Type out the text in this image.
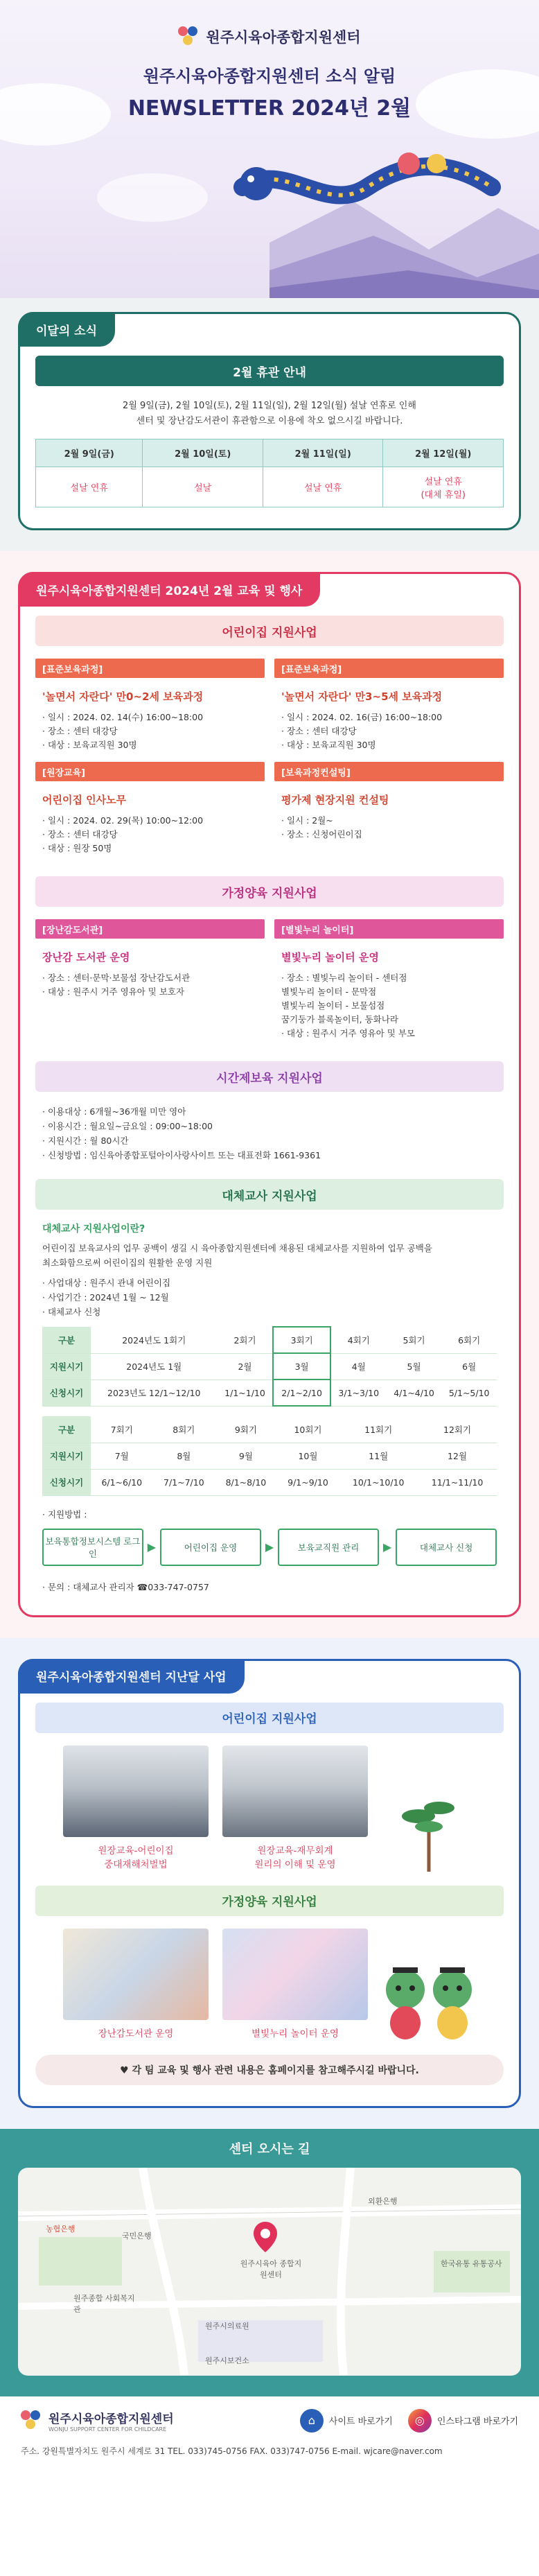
원주시육아종합지원센터
원주시육아종합지원센터 소식 알림
NEWSLETTER 2024년 2월
이달의 소식
2월 휴관 안내
2월 9일(금), 2월 10일(토), 2월 11일(일), 2월 12일(월) 설날 연휴로 인해
센터 및 장난감도서관이 휴관함으로 이용에 착오 없으시길 바랍니다.
2월 9일(금)	2월 10일(토)	2월 11일(일)	2월 12일(월)
설날 연휴	설날	설날 연휴	설날 연휴
(대체 휴일)
원주시육아종합지원센터 2024년 2월 교육 및 행사
어린이집 지원사업
[표준보육과정]
'놀면서 자란다' 만0~2세 보육과정
· 일시 : 2024. 02. 14(수) 16:00~18:00
· 장소 : 센터 대강당
· 대상 : 보육교직원 30명
[표준보육과정]
'놀면서 자란다' 만3~5세 보육과정
· 일시 : 2024. 02. 16(금) 16:00~18:00
· 장소 : 센터 대강당
· 대상 : 보육교직원 30명
[원장교육]
어린이집 인사노무
· 일시 : 2024. 02. 29(목) 10:00~12:00
· 장소 : 센터 대강당
· 대상 : 원장 50명
[보육과정컨설팅]
평가제 현장지원 컨설팅
· 일시 : 2월~
· 장소 : 신청어린이집
가정양육 지원사업
[장난감도서관]
장난감 도서관 운영
· 장소 : 센터·문막·보물섬 장난감도서관
· 대상 : 원주시 거주 영유아 및 보호자
[별빛누리 놀이터]
별빛누리 놀이터 운영
· 장소 : 별빛누리 놀이터 - 센터점
별빛누리 놀이터 - 문막점
별빛누리 놀이터 - 보물섬점
꿈기둥가 블록놀이터, 동화나라
· 대상 : 원주시 거주 영유아 및 부모
시간제보육 지원사업
· 이용대상 : 6개월~36개월 미만 영아
· 이용시간 : 월요일~금요일 : 09:00~18:00
· 지원시간 : 월 80시간
· 신청방법 : 임신육아종합포털아이사랑사이트 또는 대표전화 1661-9361
대체교사 지원사업
대체교사 지원사업이란?
어린이집 보육교사의 업무 공백이 생길 시 육아종합지원센터에 채용된 대체교사를 지원하여 업무 공백을
최소화함으로써 어린이집의 원활한 운영 지원
· 사업대상 : 원주시 관내 어린이집
· 사업기간 : 2024년 1월 ~ 12월
· 대체교사 신청
구분	2024년도 1회기	2회기	3회기	4회기	5회기	6회기
지원시기	2024년도 1월	2월	3월	4월	5월	6월
신청시기	2023년도 12/1~12/10	1/1~1/10	2/1~2/10	3/1~3/10	4/1~4/10	5/1~5/10
구분	7회기	8회기	9회기	10회기	11회기	12회기
지원시기	7월	8월	9월	10월	11월	12월
신청시기	6/1~6/10	7/1~7/10	8/1~8/10	9/1~9/10	10/1~10/10	11/1~11/10
· 지원방법 :
보육통합정보시스템 로그인	▶	어린이집 운영	▶	보육교직원 관리	▶	대체교사 신청
· 문의 : 대체교사 관리자 ☎033-747-0757
원주시육아종합지원센터 지난달 사업
어린이집 지원사업
원장교육-어린이집
중대재해처벌법
원장교육-재무회계
원리의 이해 및 운영
가정양육 지원사업
장난감도서관 운영	별빛누리 놀이터 운영
♥ 각 팀 교육 및 행사 관련 내용은 홈페이지를 참고해주시길 바랍니다.
센터 오시는 길
원주시육아 종합지원센터
농협은행
국민은행
외환은행
원주종합 사회복지관
원주시보건소
한국유통 유통공사
원주시의료원
원주시육아종합지원센터
WONJU SUPPORT CENTER FOR CHILDCARE
⌂	사이트 바로가기	◎	인스타그램 바로가기
주소. 강원특별자치도 원주시 세계로 31 TEL. 033)745-0756 FAX. 033)747-0756 E-mail. wjcare@naver.com
